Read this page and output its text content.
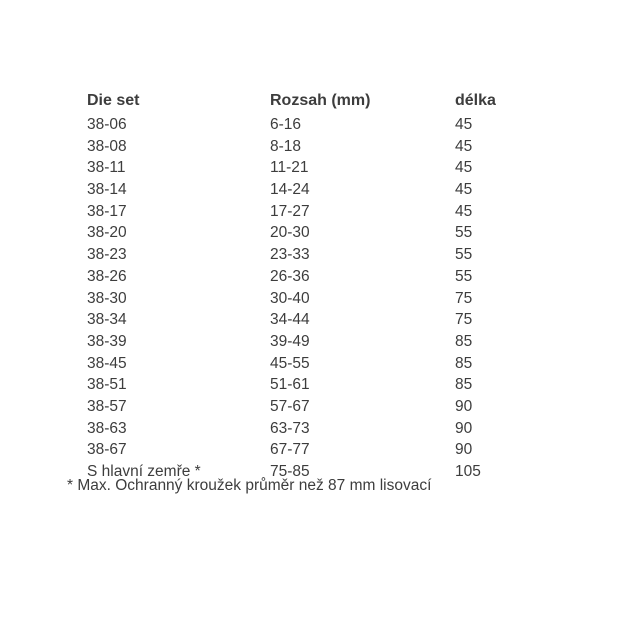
Die set	Rozsah (mm)	délka
38-06	6-16	45
38-08	8-18	45
38-11	11-21	45
38-14	14-24	45
38-17	17-27	45
38-20	20-30	55
38-23	23-33	55
38-26	26-36	55
38-30	30-40	75
38-34	34-44	75
38-39	39-49	85
38-45	45-55	85
38-51	51-61	85
38-57	57-67	90
38-63	63-73	90
38-67	67-77	90
S hlavní zemře *	75-85	105
* Max. Ochranný kroužek průměr než 87 mm lisovací
